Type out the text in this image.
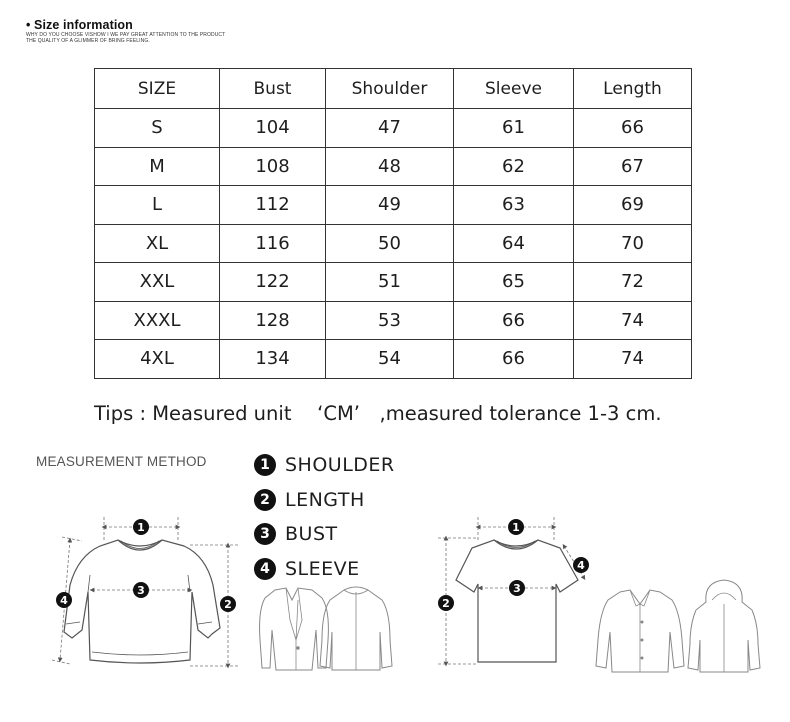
• Size information
WHY DO YOU CHOOSE VISHOW I WE PAY GREAT ATTENTION TO THE PRODUCT
THE QUALITY OF A GLIMMER OF BRING FEELING.
SIZE	Bust	Shoulder	Sleeve	Length
S	104	47	61	66
M	108	48	62	67
L	112	49	63	69
XL	116	50	64	70
XXL	122	51	65	72
XXXL	128	53	66	74
4XL	134	54	66	74
Tips : Measured unit 　‘CM’　,measured tolerance 1-3 cm.
MEASUREMENT METHOD	1 SHOULDER
2 LENGTH
3 BUST
4 SLEEVE
1
3
2
4
1
3
2
4
